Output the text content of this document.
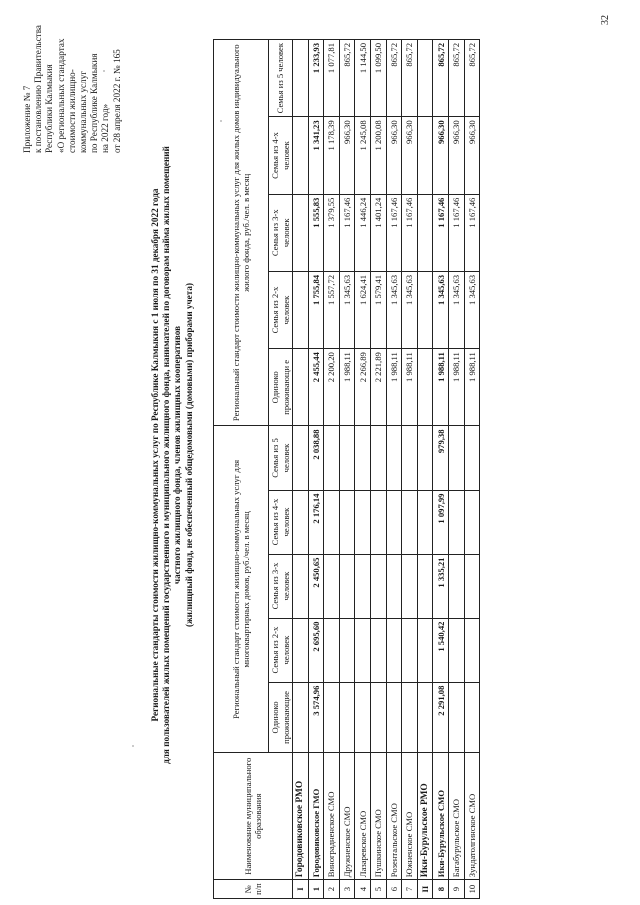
Приложение № 7 к постановлению Правительства Республики Калмыкия «О региональных стандартах стоимости жилищно- коммунальных услуг по Республике Калмыкия на 2022 год» от 28 апреля 2022 г. № 165
Региональные стандарты стоимости жилищно-коммунальных услуг по Республике Калмыкия с 1 июля по 31 декабря 2022 года для пользователей жилых помещений государственного и муниципального жилищного фонда, нанимателей по договорам найма жилых помещений частного жилищного фонда, членов жилищных кооперативов (жилищный фонд, не обеспеченный общедомовыми (домовыми) приборами учета)
№ п/п	Наименование муниципального образования	Региональный стандарт стоимости жилищно-коммунальных услуг для многоквартирных домов, руб./чел. в месяц					Региональный стандарт стоимости жилищно-коммунальных услуг для жилых домов индивидуального жилого фонда, руб./чел. в месяц				
		Одиноко проживающие	Семья из 2-х человек	Семья из 3-х человек	Семья из 4-х человек	Семья из 5 человек	Одиноко проживающи е	Семья из 2-х человек	Семья из 3-х человек	Семья из 4-х человек	Семья из 5 человек

I	Городовиковское РМО										
1	Городовиковское ГМО	3 574,96	2 695,60	2 450,65	2 176,14	2 038,88	2 455,44	1 755,84	1 555,83	1 341,23	1 233,93
2	Виноградненское СМО						2 200,20	1 557,72	1 379,55	1 178,39	1 077,81
3	Дружненское СМО						1 988,11	1 345,63	1 167,46	966,30	865,72
4	Лазаревское СМО						2 266,89	1 624,41	1 446,24	1 245,08	1 144,50
5	Пушкинское СМО						2 221,89	1 579,41	1 401,24	1 200,08	1 099,50
6	Розентальское СМО						1 988,11	1 345,63	1 167,46	966,30	865,72
7	Южненское СМО						1 988,11	1 345,63	1 167,46	966,30	865,72
II	Ики-Бурульское РМО										
8	Ики-Бурульское СМО	2 291,08	1 540,42	1 335,21	1 097,99	979,38	1 988,11	1 345,63	1 167,46	966,30	865,72
9	Багабурульское СМО						1 988,11	1 345,63	1 167,46	966,30	865,72
10	Зундатолгинское СМО						1 988,11	1 345,63	1 167,46	966,30	865,72
32
